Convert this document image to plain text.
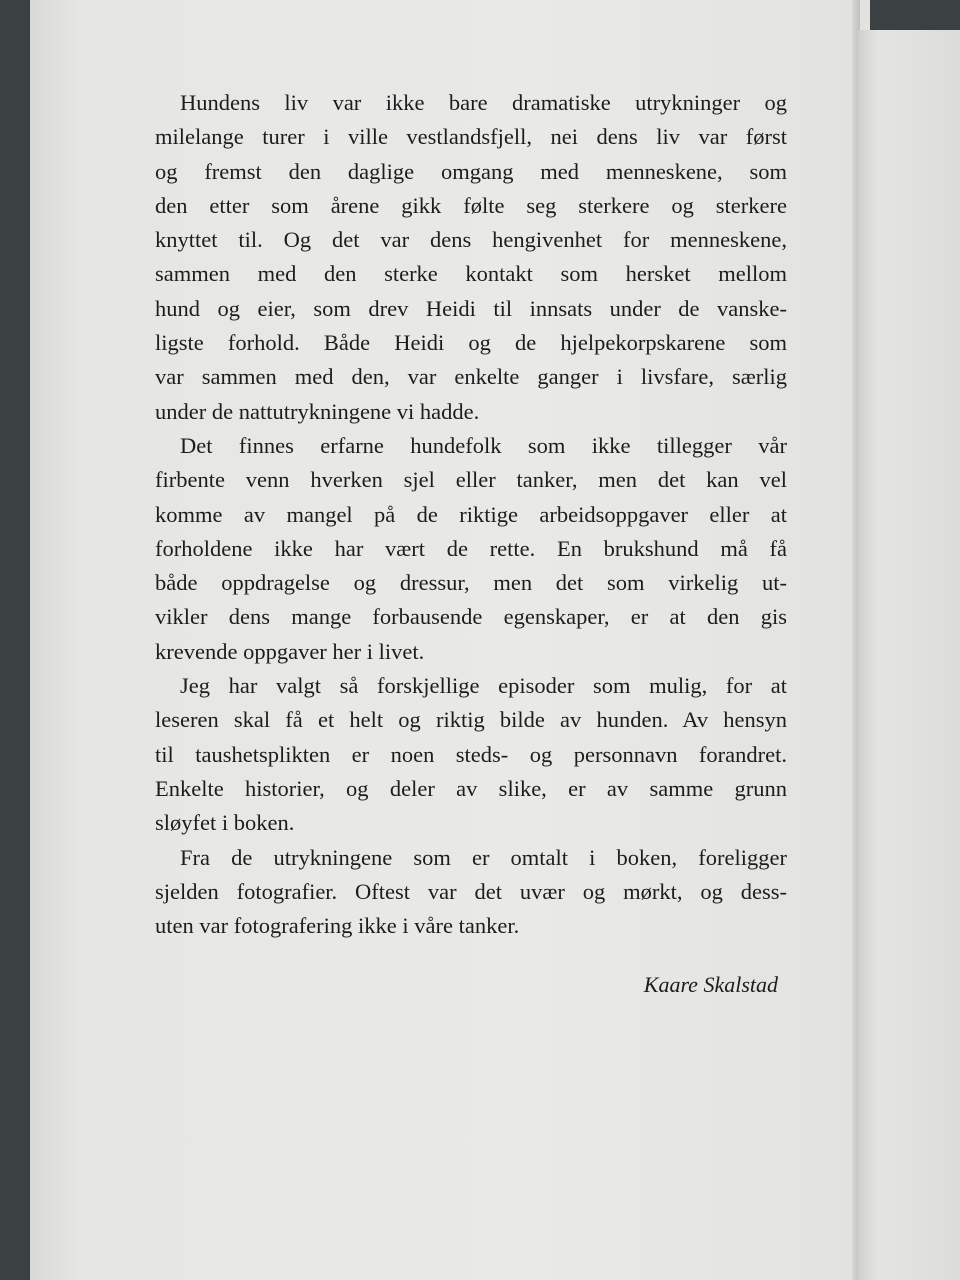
Hundens liv var ikke bare dramatiske utrykninger og
milelange turer i ville vestlandsfjell, nei dens liv var først
og fremst den daglige omgang med menneskene, som
den etter som årene gikk følte seg sterkere og sterkere
knyttet til. Og det var dens hengivenhet for menneskene,
sammen med den sterke kontakt som hersket mellom
hund og eier, som drev Heidi til innsats under de vanske-
ligste forhold. Både Heidi og de hjelpekorpskarene som
var sammen med den, var enkelte ganger i livsfare, særlig
under de nattutrykningene vi hadde.
Det finnes erfarne hundefolk som ikke tillegger vår
firbente venn hverken sjel eller tanker, men det kan vel
komme av mangel på de riktige arbeidsoppgaver eller at
forholdene ikke har vært de rette. En brukshund må få
både oppdragelse og dressur, men det som virkelig ut-
vikler dens mange forbausende egenskaper, er at den gis
krevende oppgaver her i livet.
Jeg har valgt så forskjellige episoder som mulig, for at
leseren skal få et helt og riktig bilde av hunden. Av hensyn
til taushetsplikten er noen steds- og personnavn forandret.
Enkelte historier, og deler av slike, er av samme grunn
sløyfet i boken.
Fra de utrykningene som er omtalt i boken, foreligger
sjelden fotografier. Oftest var det uvær og mørkt, og dess-
uten var fotografering ikke i våre tanker.
Kaare Skalstad
